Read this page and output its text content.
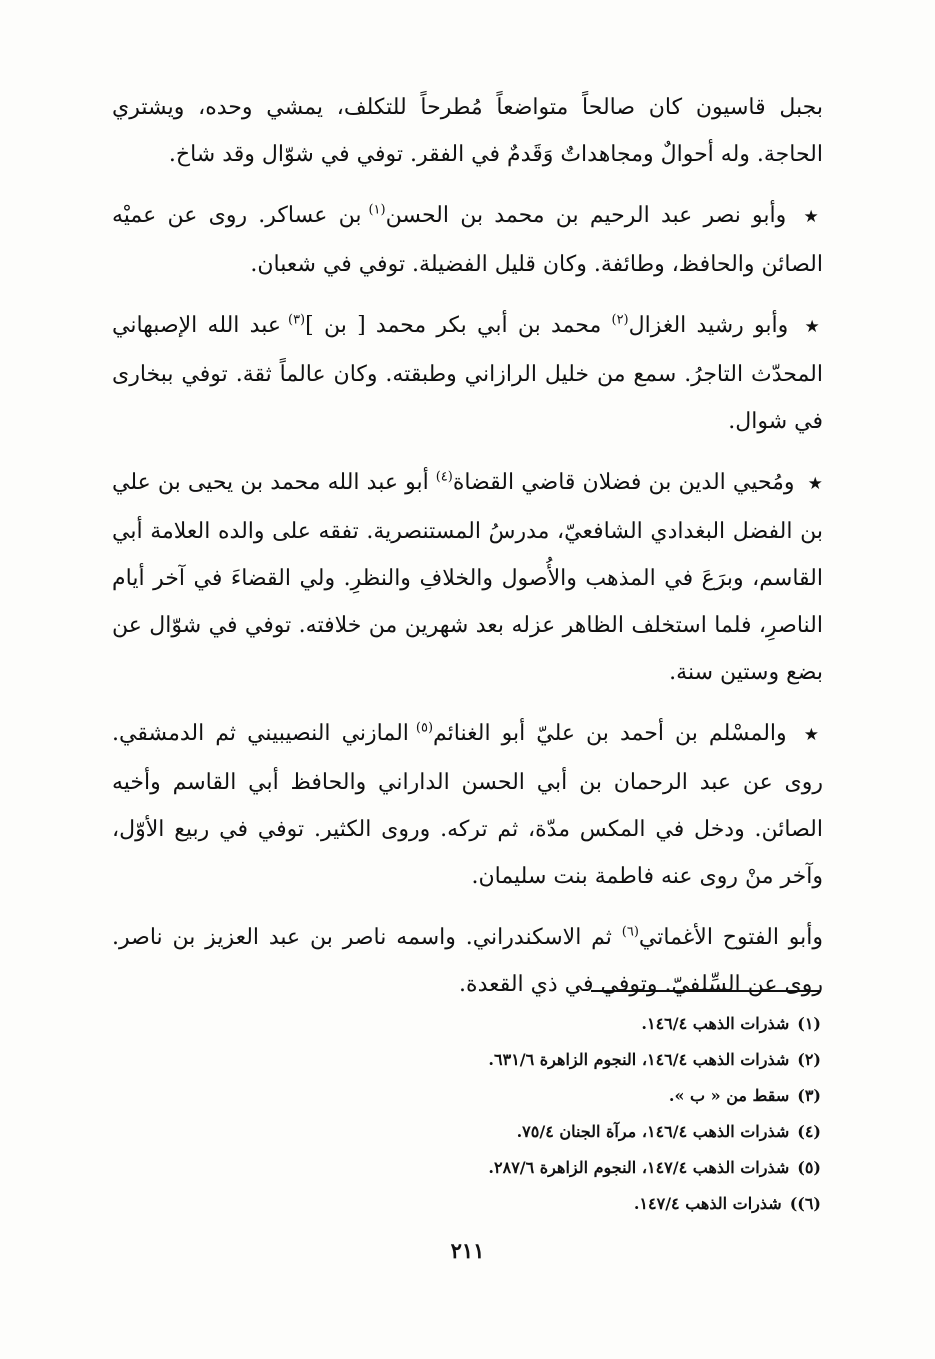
بجبل قاسيون كان صالحاً متواضعاً مُطرحاً للتكلف، يمشي وحده، ويشتري الحاجة. وله أحوالٌ ومجاهداتٌ وَقَدمٌ في الفقر. توفي في شوّال وقد شاخ.

★ وأبو نصر عبد الرحيم بن محمد بن الحسن$^{(١)}$ بن عساكر. روى عن عميْه الصائن والحافظ، وطائفة. وكان قليل الفضيلة. توفي في شعبان.

★ وأبو رشيد الغزال$^{(٢)}$ محمد بن أبي بكر محمد [ بن ]$^{(٣)}$ عبد الله الإصبهاني المحدّث التاجرُ. سمع من خليل الرازاني وطبقته. وكان عالماً ثقة. توفي ببخارى في شوال.

★ ومُحيي الدين بن فضلان قاضي القضاة$^{(٤)}$ أبو عبد الله محمد بن يحيى بن علي بن الفضل البغدادي الشافعيّ، مدرسُ المستنصرية. تفقه على والده العلامة أبي القاسم، وبرَعَ في المذهب والأُصول والخلافِ والنظرِ. ولي القضاءَ في آخر أيام الناصرِ، فلما استخلف الظاهر عزله بعد شهرين من خلافته. توفي في شوّال عن بضع وستين سنة.

★ والمسْلم بن أحمد بن عليّ أبو الغنائم$^{(٥)}$ المازني النصيبيني ثم الدمشقي. روى عن عبد الرحمان بن أبي الحسن الداراني والحافظ أبي القاسم وأخيه الصائن. ودخل في المكس مدّة، ثم تركه. وروى الكثير. توفي في ربيع الأوّل، وآخر منْ روى عنه فاطمة بنت سليمان.

وأبو الفتوح الأغماتي$^{(٦)}$ ثم الاسكندراني. واسمه ناصر بن عبد العزيز بن ناصر. روى عن السِّلفيّ. وتوفي في ذي القعدة.

(١)شذرات الذهب ١٤٦/٤.

(٢)شذرات الذهب ١٤٦/٤، النجوم الزاهرة ٦٣١/٦.

(٣)سقط من « ب ».

(٤)شذرات الذهب ١٤٦/٤، مرآة الجنان ٧٥/٤.

(٥)شذرات الذهب ١٤٧/٤، النجوم الزاهرة ٢٨٧/٦.

(٦))شذرات الذهب ١٤٧/٤.

٢١١
